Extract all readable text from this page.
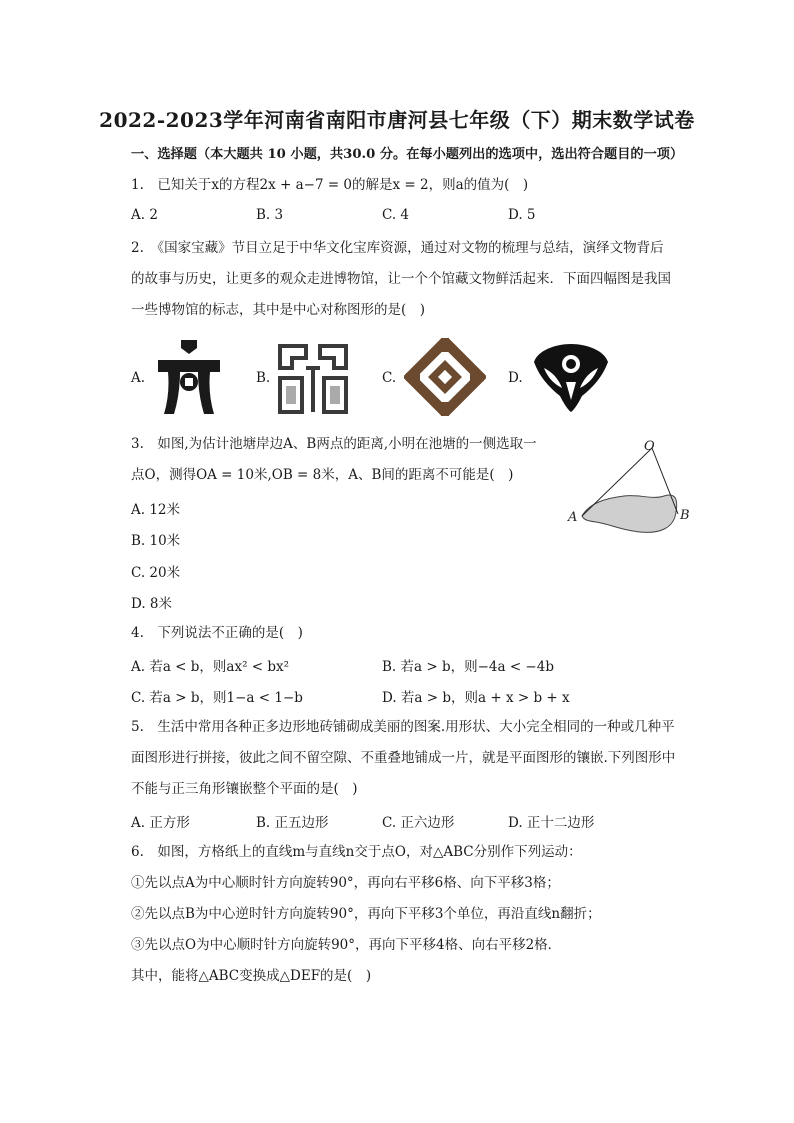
2022-2023学年河南省南阳市唐河县七年级（下）期末数学试卷
一、选择题（本大题共 10 小题，共30.0 分。在每小题列出的选项中，选出符合题目的一项）
1.　已知关于x的方程2x + a−7 = 0的解是x = 2，则a的值为(　)
A. 2	B. 3	C. 4	D. 5
2.　《国家宝藏》节目立足于中华文化宝库资源，通过对文物的梳理与总结，演绎文物背后
的故事与历史，让更多的观众走进博物馆，让一个个馆藏文物鲜活起来．下面四幅图是我国
一些博物馆的标志，其中是中心对称图形的是(　)
A.	B.	C.	D.
3.　如图,为估计池塘岸边A、B两点的距离,小明在池塘的一侧选取一
点O，测得OA = 10米,OB = 8米，A、B间的距离不可能是(　)
A. 12米
B. 10米
C. 20米
D. 8米
O
A	B
4.　下列说法不正确的是(　)
A. 若a < b，则ax² < bx²	B. 若a > b，则−4a < −4b
C. 若a > b，则1−a < 1−b	D. 若a > b，则a + x > b + x
5.　生活中常用各种正多边形地砖铺砌成美丽的图案.用形状、大小完全相同的一种或几种平
面图形进行拼接，彼此之间不留空隙、不重叠地铺成一片，就是平面图形的镶嵌.下列图形中
不能与正三角形镶嵌整个平面的是(　)
A. 正方形	B. 正五边形	C. 正六边形	D. 正十二边形
6.　如图，方格纸上的直线m与直线n交于点O，对△ABC分别作下列运动：
①先以点A为中心顺时针方向旋转90°，再向右平移6格、向下平移3格；
②先以点B为中心逆时针方向旋转90°，再向下平移3个单位，再沿直线n翻折；
③先以点O为中心顺时针方向旋转90°，再向下平移4格、向右平移2格．
其中，能将△ABC变换成△DEF的是(　)
